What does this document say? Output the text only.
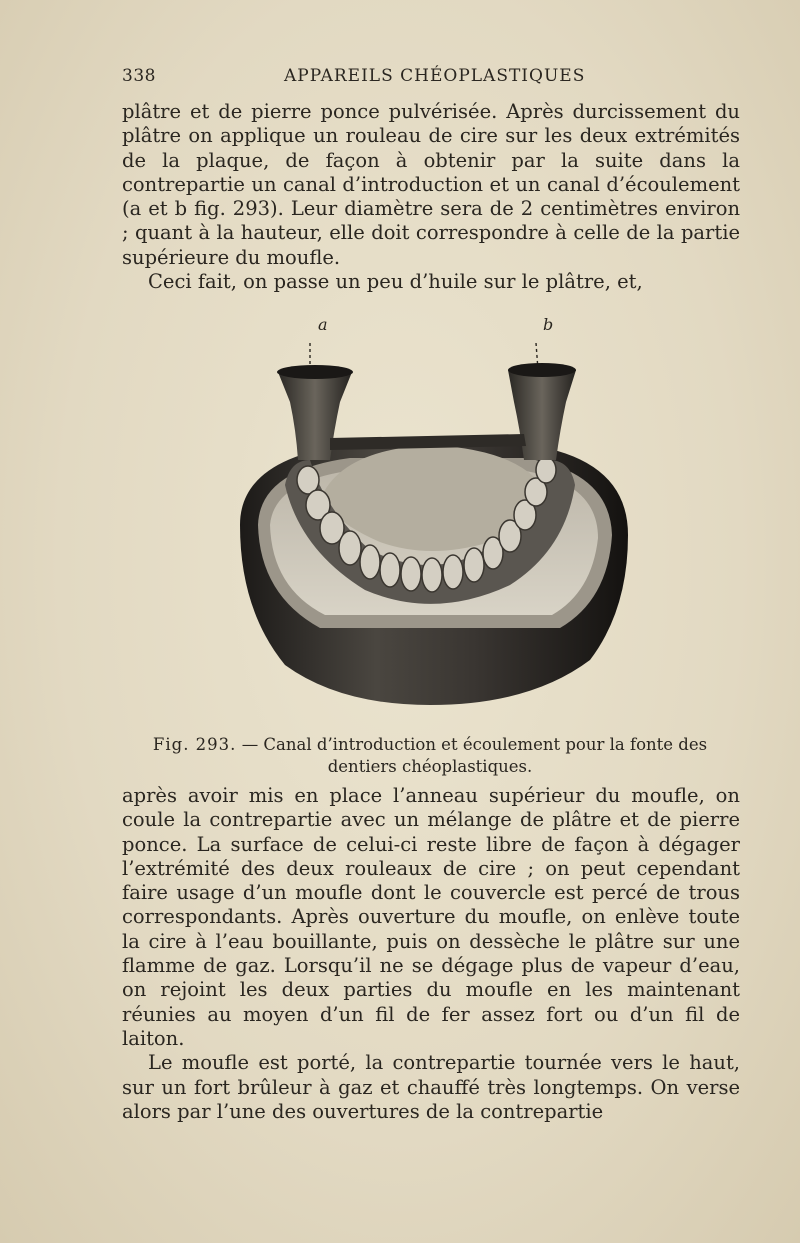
338	APPAREILS CHÉOPLASTIQUES

plâtre et de pierre ponce pulvérisée. Après durcissement du plâtre on applique un rouleau de cire sur les deux extrémités de la plaque, de façon à obtenir par la suite dans la contrepartie un canal d’introduction et un canal d’écoulement (a et b fig. 293). Leur diamètre sera de 2 centimètres environ ; quant à la hauteur, elle doit correspondre à celle de la partie supérieure du moufle.

Ceci fait, on passe un peu d’huile sur le plâtre, et,

a	b
Fig. 293. — Canal d’introduction et écoulement pour la fonte des dentiers chéoplastiques.

après avoir mis en place l’anneau supérieur du moufle, on coule la contrepartie avec un mélange de plâtre et de pierre ponce. La surface de celui-ci reste libre de façon à dégager l’extrémité des deux rouleaux de cire ; on peut cependant faire usage d’un moufle dont le couvercle est percé de trous correspondants. Après ouverture du moufle, on enlève toute la cire à l’eau bouillante, puis on dessèche le plâtre sur une flamme de gaz. Lorsqu’il ne se dégage plus de vapeur d’eau, on rejoint les deux parties du moufle en les maintenant réunies au moyen d’un fil de fer assez fort ou d’un fil de laiton.

Le moufle est porté, la contrepartie tournée vers le haut, sur un fort brûleur à gaz et chauffé très longtemps. On verse alors par l’une des ouvertures de la contrepartie
